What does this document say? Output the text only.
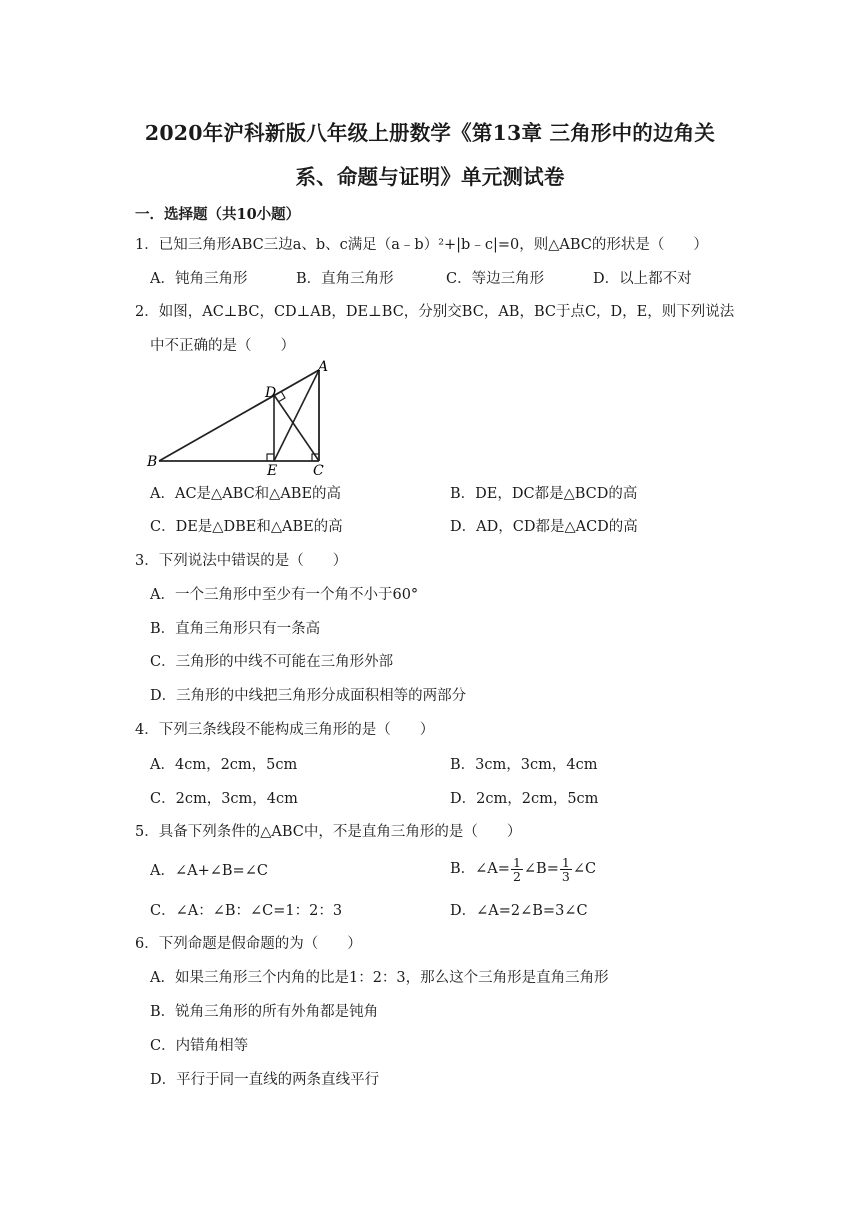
2020年沪科新版八年级上册数学《第13章 三角形中的边角关
系、命题与证明》单元测试卷
一．选择题（共10小题）
1．已知三角形ABC三边a、b、c满足（a﹣b）²+|b﹣c|=0，则△ABC的形状是（　　）
A．钝角三角形	B．直角三角形	C．等边三角形	D．以上都不对
2．如图，AC⊥BC，CD⊥AB，DE⊥BC，分别交BC，AB，BC于点C，D，E，则下列说法
中不正确的是（　　）
B
A
D
E	C
A．AC是△ABC和△ABE的高	B．DE，DC都是△BCD的高
C．DE是△DBE和△ABE的高	D．AD，CD都是△ACD的高
3．下列说法中错误的是（　　）
A．一个三角形中至少有一个角不小于60°
B．直角三角形只有一条高
C．三角形的中线不可能在三角形外部
D．三角形的中线把三角形分成面积相等的两部分
4．下列三条线段不能构成三角形的是（　　）
A．4cm，2cm，5cm	B．3cm，3cm，4cm
C．2cm，3cm，4cm	D．2cm，2cm，5cm
5．具备下列条件的△ABC中，不是直角三角形的是（　　）
A．∠A+∠B=∠C	B．∠A= $\frac{1}{2}$ ∠B= $\frac{1}{3}$ ∠C
C．∠A：∠B：∠C=1：2：3	D．∠A=2∠B=3∠C
6．下列命题是假命题的为（　　）
A．如果三角形三个内角的比是1：2：3，那么这个三角形是直角三角形
B．锐角三角形的所有外角都是钝角
C．内错角相等
D．平行于同一直线的两条直线平行
